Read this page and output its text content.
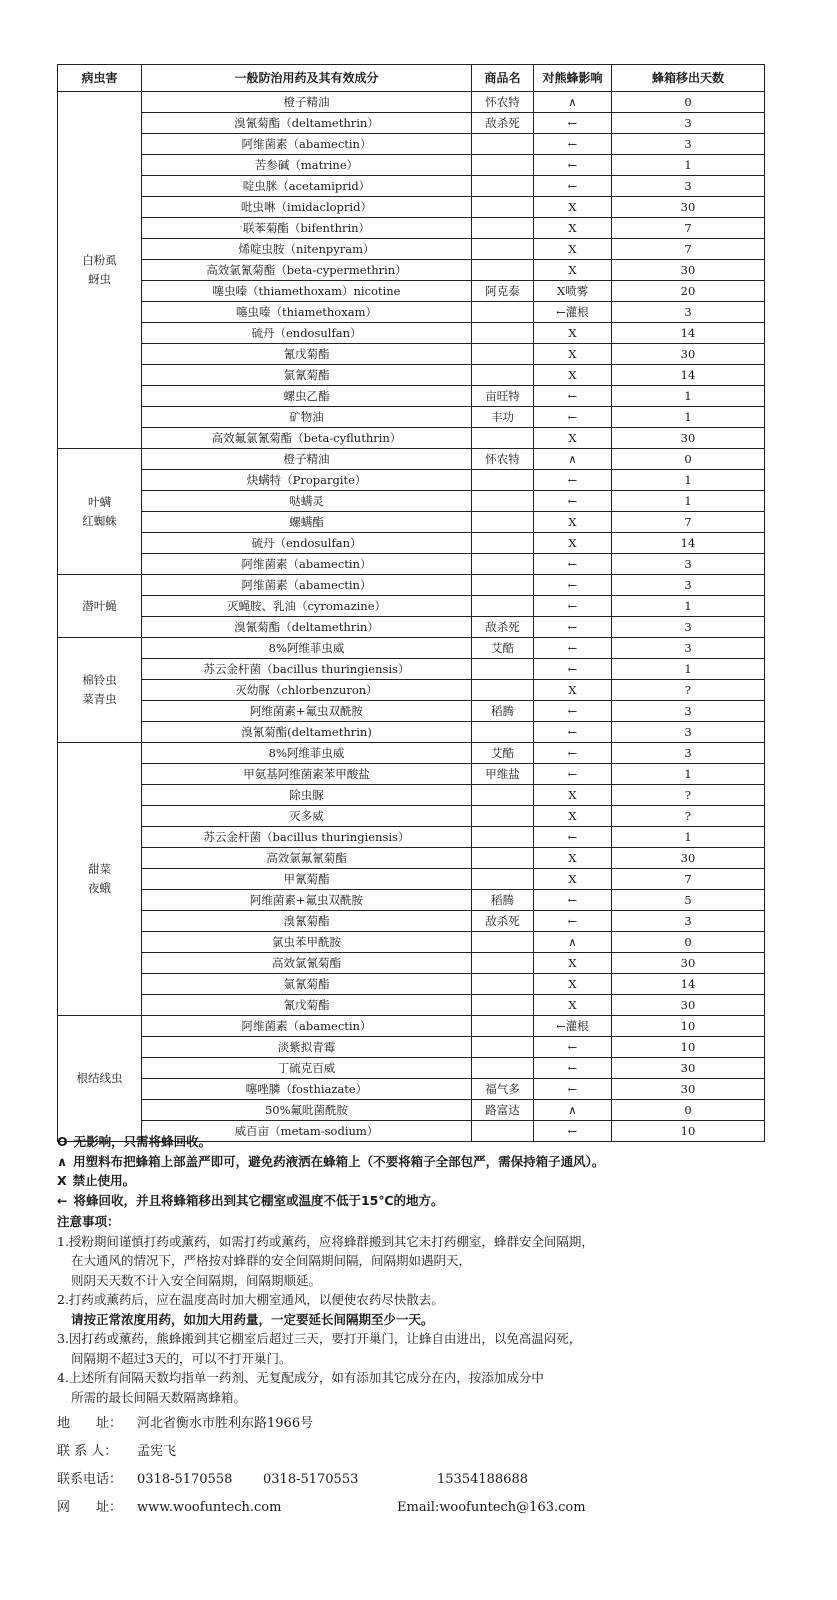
病虫害	一般防治用药及其有效成分	商品名	对熊蜂影响	蜂箱移出天数

白粉虱
蚜虫	橙子精油	怀农特	∧	0
	溴氰菊酯（deltamethrin）	敌杀死	←	3
	阿维菌素（abamectin）		←	3
	苦参碱（matrine）		←	1
	啶虫脒（acetamiprid）		←	3
	吡虫啉（imidacloprid）		X	30
	联苯菊酯（bifenthrin）		X	7
	烯啶虫胺（nitenpyram）		X	7
	高效氯氰菊酯（beta-cypermethrin）		X	30
	噻虫嗪（thiamethoxam）nicotine	阿克泰	X喷雾	20
	噻虫嗪（thiamethoxam）		←灌根	3
	硫丹（endosulfan）		X	14
	氰戊菊酯		X	30
	氯氰菊酯		X	14
	螺虫乙酯	亩旺特	←	1
	矿物油	丰功	←	1
	高效氟氯氰菊酯（beta-cyfluthrin）		X	30

叶螨
红蜘蛛	橙子精油	怀农特	∧	0
	炔螨特（Propargite）		←	1
	哒螨灵		←	1
	螺螨酯		X	7
	硫丹（endosulfan）		X	14
	阿维菌素（abamectin）		←	3

潜叶蝇	阿维菌素（abamectin）		←	3
	灭蝇胺、乳油（cyromazine）		←	1
	溴氰菊酯（deltamethrin）	敌杀死	←	3

棉铃虫
菜青虫	8%阿维菲虫威	艾酷	←	3
	苏云金杆菌（bacillus thuringiensis）		←	1
	灭幼脲（chlorbenzuron）		X	?
	阿维菌素+氟虫双酰胺	稻腾	←	3
	溴氰菊酯(deltamethrin)		←	3

甜菜
夜蛾	8%阿维菲虫威	艾酷	←	3
	甲氨基阿维菌素苯甲酸盐	甲维盐	←	1
	除虫脲		X	?
	灭多威		X	?
	苏云金杆菌（bacillus thuringiensis）		←	1
	高效氯氟氰菊酯		X	30
	甲氰菊酯		X	7
	阿维菌素+氟虫双酰胺	稻腾	←	5
	溴氰菊酯	敌杀死	←	3
	氯虫苯甲酰胺		∧	0
	高效氯氰菊酯		X	30
	氯氰菊酯		X	14
	氰戊菊酯		X	30

根结线虫	阿维菌素（abamectin）		←灌根	10
	淡紫拟青霉		←	10
	丁硫克百威		←	30
	噻唑膦（fosthiazate）	福气多	←	30
	50%氟吡菌酰胺	路富达	∧	0
	威百亩（metam-sodium）		←	10
O 无影响，只需将蜂回收。
∧ 用塑料布把蜂箱上部盖严即可，避免药液洒在蜂箱上（不要将箱子全部包严，需保持箱子通风）。
X 禁止使用。
← 将蜂回收，并且将蜂箱移出到其它棚室或温度不低于15℃的地方。
注意事项：
1.授粉期间谨慎打药或薰药，如需打药或薰药，应将蜂群搬到其它未打药棚室，蜂群安全间隔期，
在大通风的情况下，严格按对蜂群的安全间隔期间隔，间隔期如遇阴天，
则阴天天数不计入安全间隔期，间隔期顺延。
2.打药或薰药后，应在温度高时加大棚室通风，以便使农药尽快散去。
请按正常浓度用药，如加大用药量，一定要延长间隔期至少一天。
3.因打药或薰药，熊蜂搬到其它棚室后超过三天，要打开巢门，让蜂自由进出，以免高温闷死，
间隔期不超过3天的，可以不打开巢门。
4.上述所有间隔天数均指单一药剂、无复配成分，如有添加其它成分在内，按添加成分中
所需的最长间隔天数隔离蜂箱。
地　　址： 河北省衡水市胜利东路1966号
联 系 人： 孟宪飞
联系电话： 0318-5170558 0318-5170553	15354188688
网　　址： www.woofuntech.com	Email:woofuntech@163.com
